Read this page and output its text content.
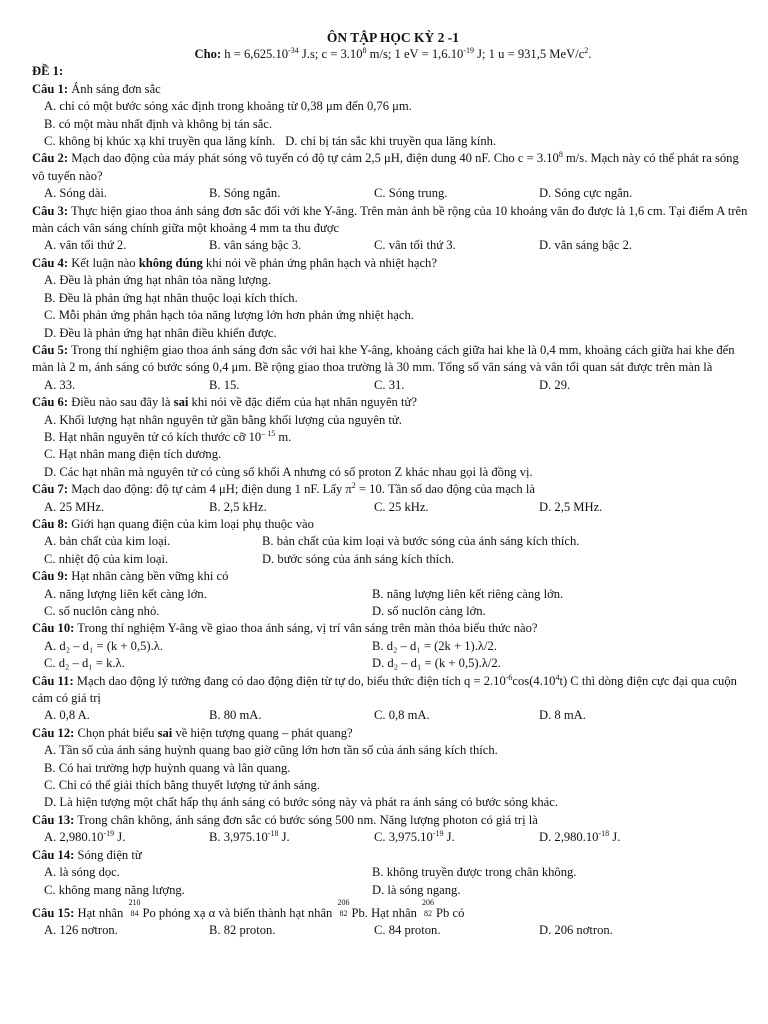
ÔN TẬP HỌC KỲ 2 -1
Cho: $h = 6,625.10^{-34}$ J.s; $c = 3.10^8$ m/s; 1 eV = $1,6.10^{-19}$ J; 1 u = 931,5 MeV/$c^2$.
ĐỀ 1:
Câu 1: Ánh sáng đơn sắc
A. chỉ có một bước sóng xác định trong khoảng từ 0,38 μm đến 0,76 μm.
B. có một màu nhất định và không bị tán sắc.
C. không bị khúc xạ khi truyền qua lăng kính. D. chỉ bị tán sắc khi truyền qua lăng kính.
Câu 2: Mạch dao động của máy phát sóng vô tuyến có độ tự cảm 2,5 μH, điện dung 40 nF. Cho $c = 3.10^8$ m/s. Mạch này có thể phát ra sóng vô tuyến nào?
A. Sóng dài.	B. Sóng ngắn.	C. Sóng trung.	D. Sóng cực ngắn.
Câu 3: Thực hiện giao thoa ánh sáng đơn sắc đối với khe Y-âng. Trên màn ảnh bề rộng của 10 khoảng vân đo được là 1,6 cm. Tại điểm A trên màn cách vân sáng chính giữa một khoảng 4 mm ta thu được
A. vân tối thứ 2.	B. vân sáng bậc 3.	C. vân tối thứ 3.	D. vân sáng bậc 2.
Câu 4: Kết luận nào không đúng khi nói về phản ứng phân hạch và nhiệt hạch?
A. Đều là phản ứng hạt nhân tỏa năng lượng.
B. Đều là phản ứng hạt nhân thuộc loại kích thích.
C. Mỗi phản ứng phân hạch tỏa năng lượng lớn hơn phản ứng nhiệt hạch.
D. Đều là phản ứng hạt nhân điều khiển được.
Câu 5: Trong thí nghiệm giao thoa ánh sáng đơn sắc với hai khe Y-âng, khoảng cách giữa hai khe là 0,4 mm, khoảng cách giữa hai khe đến màn là 2 m, ánh sáng có bước sóng 0,4 μm. Bề rộng giao thoa trường là 30 mm. Tổng số vân sáng và vân tối quan sát được trên màn là
A. 33.	B. 15.	C. 31.	D. 29.
Câu 6: Điều nào sau đây là sai khi nói về đặc điểm của hạt nhân nguyên tử?
A. Khối lượng hạt nhân nguyên tử gần bằng khối lượng của nguyên tử.
B. Hạt nhân nguyên tử có kích thước cỡ $10^{- 15}$ m.
C. Hạt nhân mang điện tích dương.
D. Các hạt nhân mà nguyên tử có cùng số khối A nhưng có số proton Z khác nhau gọi là đồng vị.
Câu 7: Mạch dao động: độ tự cảm 4 μH; điện dung 1 nF. Lấy $\pi^2 = 10$. Tần số dao động của mạch là
A. 25 MHz.	B. 2,5 kHz.	C. 25 kHz.	D. 2,5 MHz.
Câu 8: Giới hạn quang điện của kim loại phụ thuộc vào
A. bản chất của kim loại.	B. bản chất của kim loại và bước sóng của ánh sáng kích thích.
C. nhiệt độ của kim loại.	D. bước sóng của ánh sáng kích thích.
Câu 9: Hạt nhân càng bền vững khi có
A. năng lượng liên kết càng lớn.	B. năng lượng liên kết riêng càng lớn.
C. số nuclôn càng nhỏ.	D. số nuclôn càng lớn.
Câu 10: Trong thí nghiệm Y-âng về giao thoa ánh sáng, vị trí vân sáng trên màn thỏa biểu thức nào?
A. d₂ – d₁ = (k + 0,5).λ.	B. d₂ – d₁ = (2k + 1).λ/2.
C. d₂ – d₁ = k.λ.	D. d₂ – d₁ = (k + 0,5).λ/2.
Câu 11: Mạch dao động lý tưởng đang có dao động điện từ tự do, biểu thức điện tích $q = 2.10^{-6}\cos(4.10^4t)$ C thì dòng điện cực đại qua cuộn cảm có giá trị
A. 0,8 A.	B. 80 mA.	C. 0,8 mA.	D. 8 mA.
Câu 12: Chọn phát biểu sai về hiện tượng quang – phát quang?
A. Tần số của ánh sáng huỳnh quang bao giờ cũng lớn hơn tần số của ánh sáng kích thích.
B. Có hai trường hợp huỳnh quang và lân quang.
C. Chỉ có thể giải thích bằng thuyết lượng tử ánh sáng.
D. Là hiện tượng một chất hấp thụ ánh sáng có bước sóng này và phát ra ánh sáng có bước sóng khác.
Câu 13: Trong chân không, ánh sáng đơn sắc có bước sóng 500 nm. Năng lượng photon có giá trị là
A. $2,980.10^{-19}$ J.	B. $3,975.10^{-18}$ J.	C. $3,975.10^{-19}$ J.	D. $2,980.10^{-18}$ J.
Câu 14: Sóng điện từ
A. là sóng dọc.	B. không truyền được trong chân không.
C. không mang năng lượng.	D. là sóng ngang.
Câu 15: Hạt nhân
210
84 Po phóng xạ α và biến thành hạt nhân
206
82 Pb. Hạt nhân
206
82 Pb có
A. 126 nơtron.	B. 82 proton.	C. 84 proton.	D. 206 nơtron.
